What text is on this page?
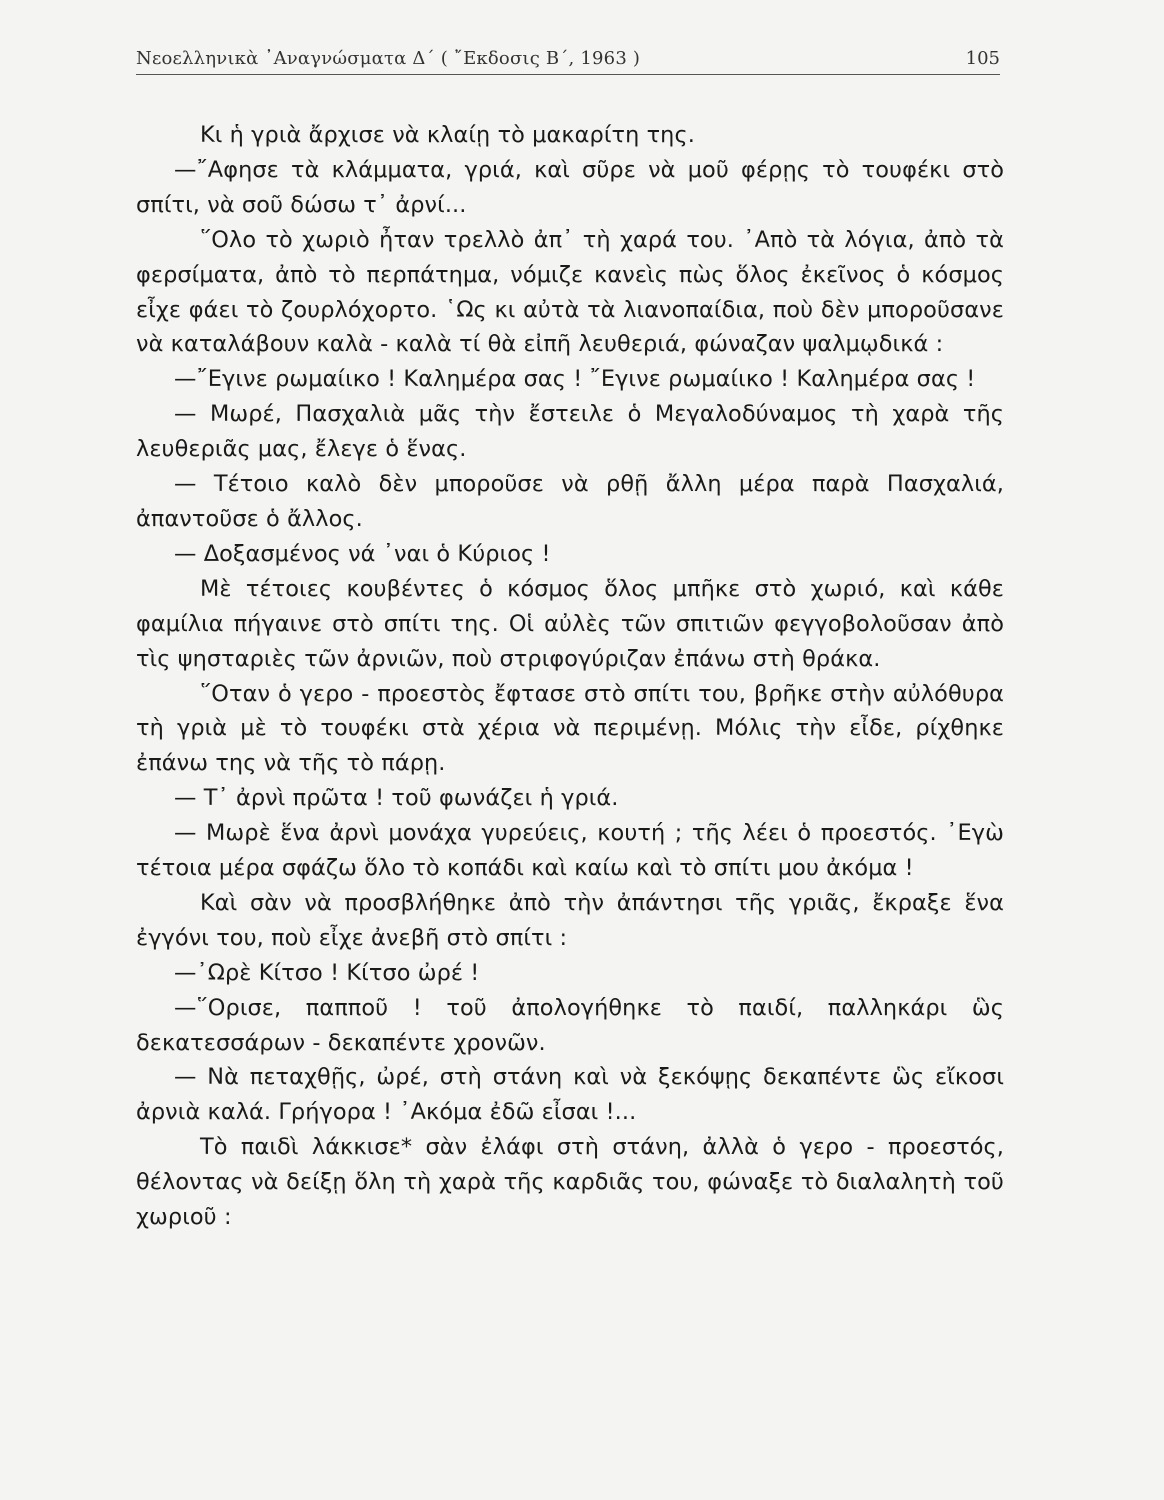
Νεοελληνικὰ ᾿Αναγνώσματα Δ΄ ( ῎Εκδοσις Β΄, 1963 )	105

Κι ἡ γριὰ ἄρχισε νὰ κλαίῃ τὸ μακαρίτη της.

—῎Αφησε τὰ κλάμματα, γριά, καὶ σῦρε νὰ μοῦ φέρῃς τὸ τουφέκι στὸ σπίτι, νὰ σοῦ δώσω τ᾿ ἀρνί...

῞Ολο τὸ χωριὸ ἦταν τρελλὸ ἀπ᾿ τὴ χαρά του. ᾿Απὸ τὰ λόγια, ἀπὸ τὰ φερσίματα, ἀπὸ τὸ περπάτημα, νόμιζε κανεὶς πὼς ὅλος ἐκεῖνος ὁ κόσμος εἶχε φάει τὸ ζουρλόχορτο. ῾Ως κι αὐτὰ τὰ λιανοπαίδια, ποὺ δὲν μποροῦσανε νὰ καταλάβουν καλὰ - καλὰ τί θὰ εἰπῆ λευθεριά, φώναζαν ψαλμῳδικά :

—῎Εγινε ρωμαίικο ! Καλημέρα σας ! ῎Εγινε ρωμαίικο ! Καλημέρα σας !

— Μωρέ, Πασχαλιὰ μᾶς τὴν ἔστειλε ὁ Μεγαλοδύναμος τὴ χαρὰ τῆς λευθεριᾶς μας, ἔλεγε ὁ ἕνας.

— Τέτοιο καλὸ δὲν μποροῦσε νὰ ρθῇ ἄλλη μέρα παρὰ Πασχαλιά, ἀπαντοῦσε ὁ ἄλλος.

— Δοξασμένος νά ᾿ναι ὁ Κύριος !

Μὲ τέτοιες κουβέντες ὁ κόσμος ὅλος μπῆκε στὸ χωριό, καὶ κάθε φαμίλια πήγαινε στὸ σπίτι της. Οἱ αὐλὲς τῶν σπιτιῶν φεγγοβολοῦσαν ἀπὸ τὶς ψησταριὲς τῶν ἀρνιῶν, ποὺ στριφογύριζαν ἐπάνω στὴ θράκα.

῞Οταν ὁ γερο - προεστὸς ἔφτασε στὸ σπίτι του, βρῆκε στὴν αὐλόθυρα τὴ γριὰ μὲ τὸ τουφέκι στὰ χέρια νὰ περιμένῃ. Μόλις τὴν εἶδε, ρίχθηκε ἐπάνω της νὰ τῆς τὸ πάρῃ.

— Τ᾿ ἀρνὶ πρῶτα ! τοῦ φωνάζει ἡ γριά.

— Μωρὲ ἕνα ἀρνὶ μονάχα γυρεύεις, κουτή ; τῆς λέει ὁ προεστός. ᾿Εγὼ τέτοια μέρα σφάζω ὅλο τὸ κοπάδι καὶ καίω καὶ τὸ σπίτι μου ἀκόμα !

Καὶ σὰν νὰ προσβλήθηκε ἀπὸ τὴν ἀπάντησι τῆς γριᾶς, ἔκραξε ἕνα ἐγγόνι του, ποὺ εἶχε ἀνεβῆ στὸ σπίτι :

—᾿Ωρὲ Κίτσο ! Κίτσο ὠρέ !

—῞Ορισε, παπποῦ ! τοῦ ἀπολογήθηκε τὸ παιδί, παλληκάρι ὣς δεκατεσσάρων - δεκαπέντε χρονῶν.

— Νὰ πεταχθῇς, ὠρέ, στὴ στάνη καὶ νὰ ξεκόψῃς δεκαπέντε ὣς εἴκοσι ἀρνιὰ καλά. Γρήγορα ! ᾿Ακόμα ἐδῶ εἶσαι !...

Τὸ παιδὶ λάκκισε* σὰν ἐλάφι στὴ στάνη, ἀλλὰ ὁ γερο - προεστός, θέλοντας νὰ δείξῃ ὅλη τὴ χαρὰ τῆς καρδιᾶς του, φώναξε τὸ διαλαλητὴ τοῦ χωριοῦ :
